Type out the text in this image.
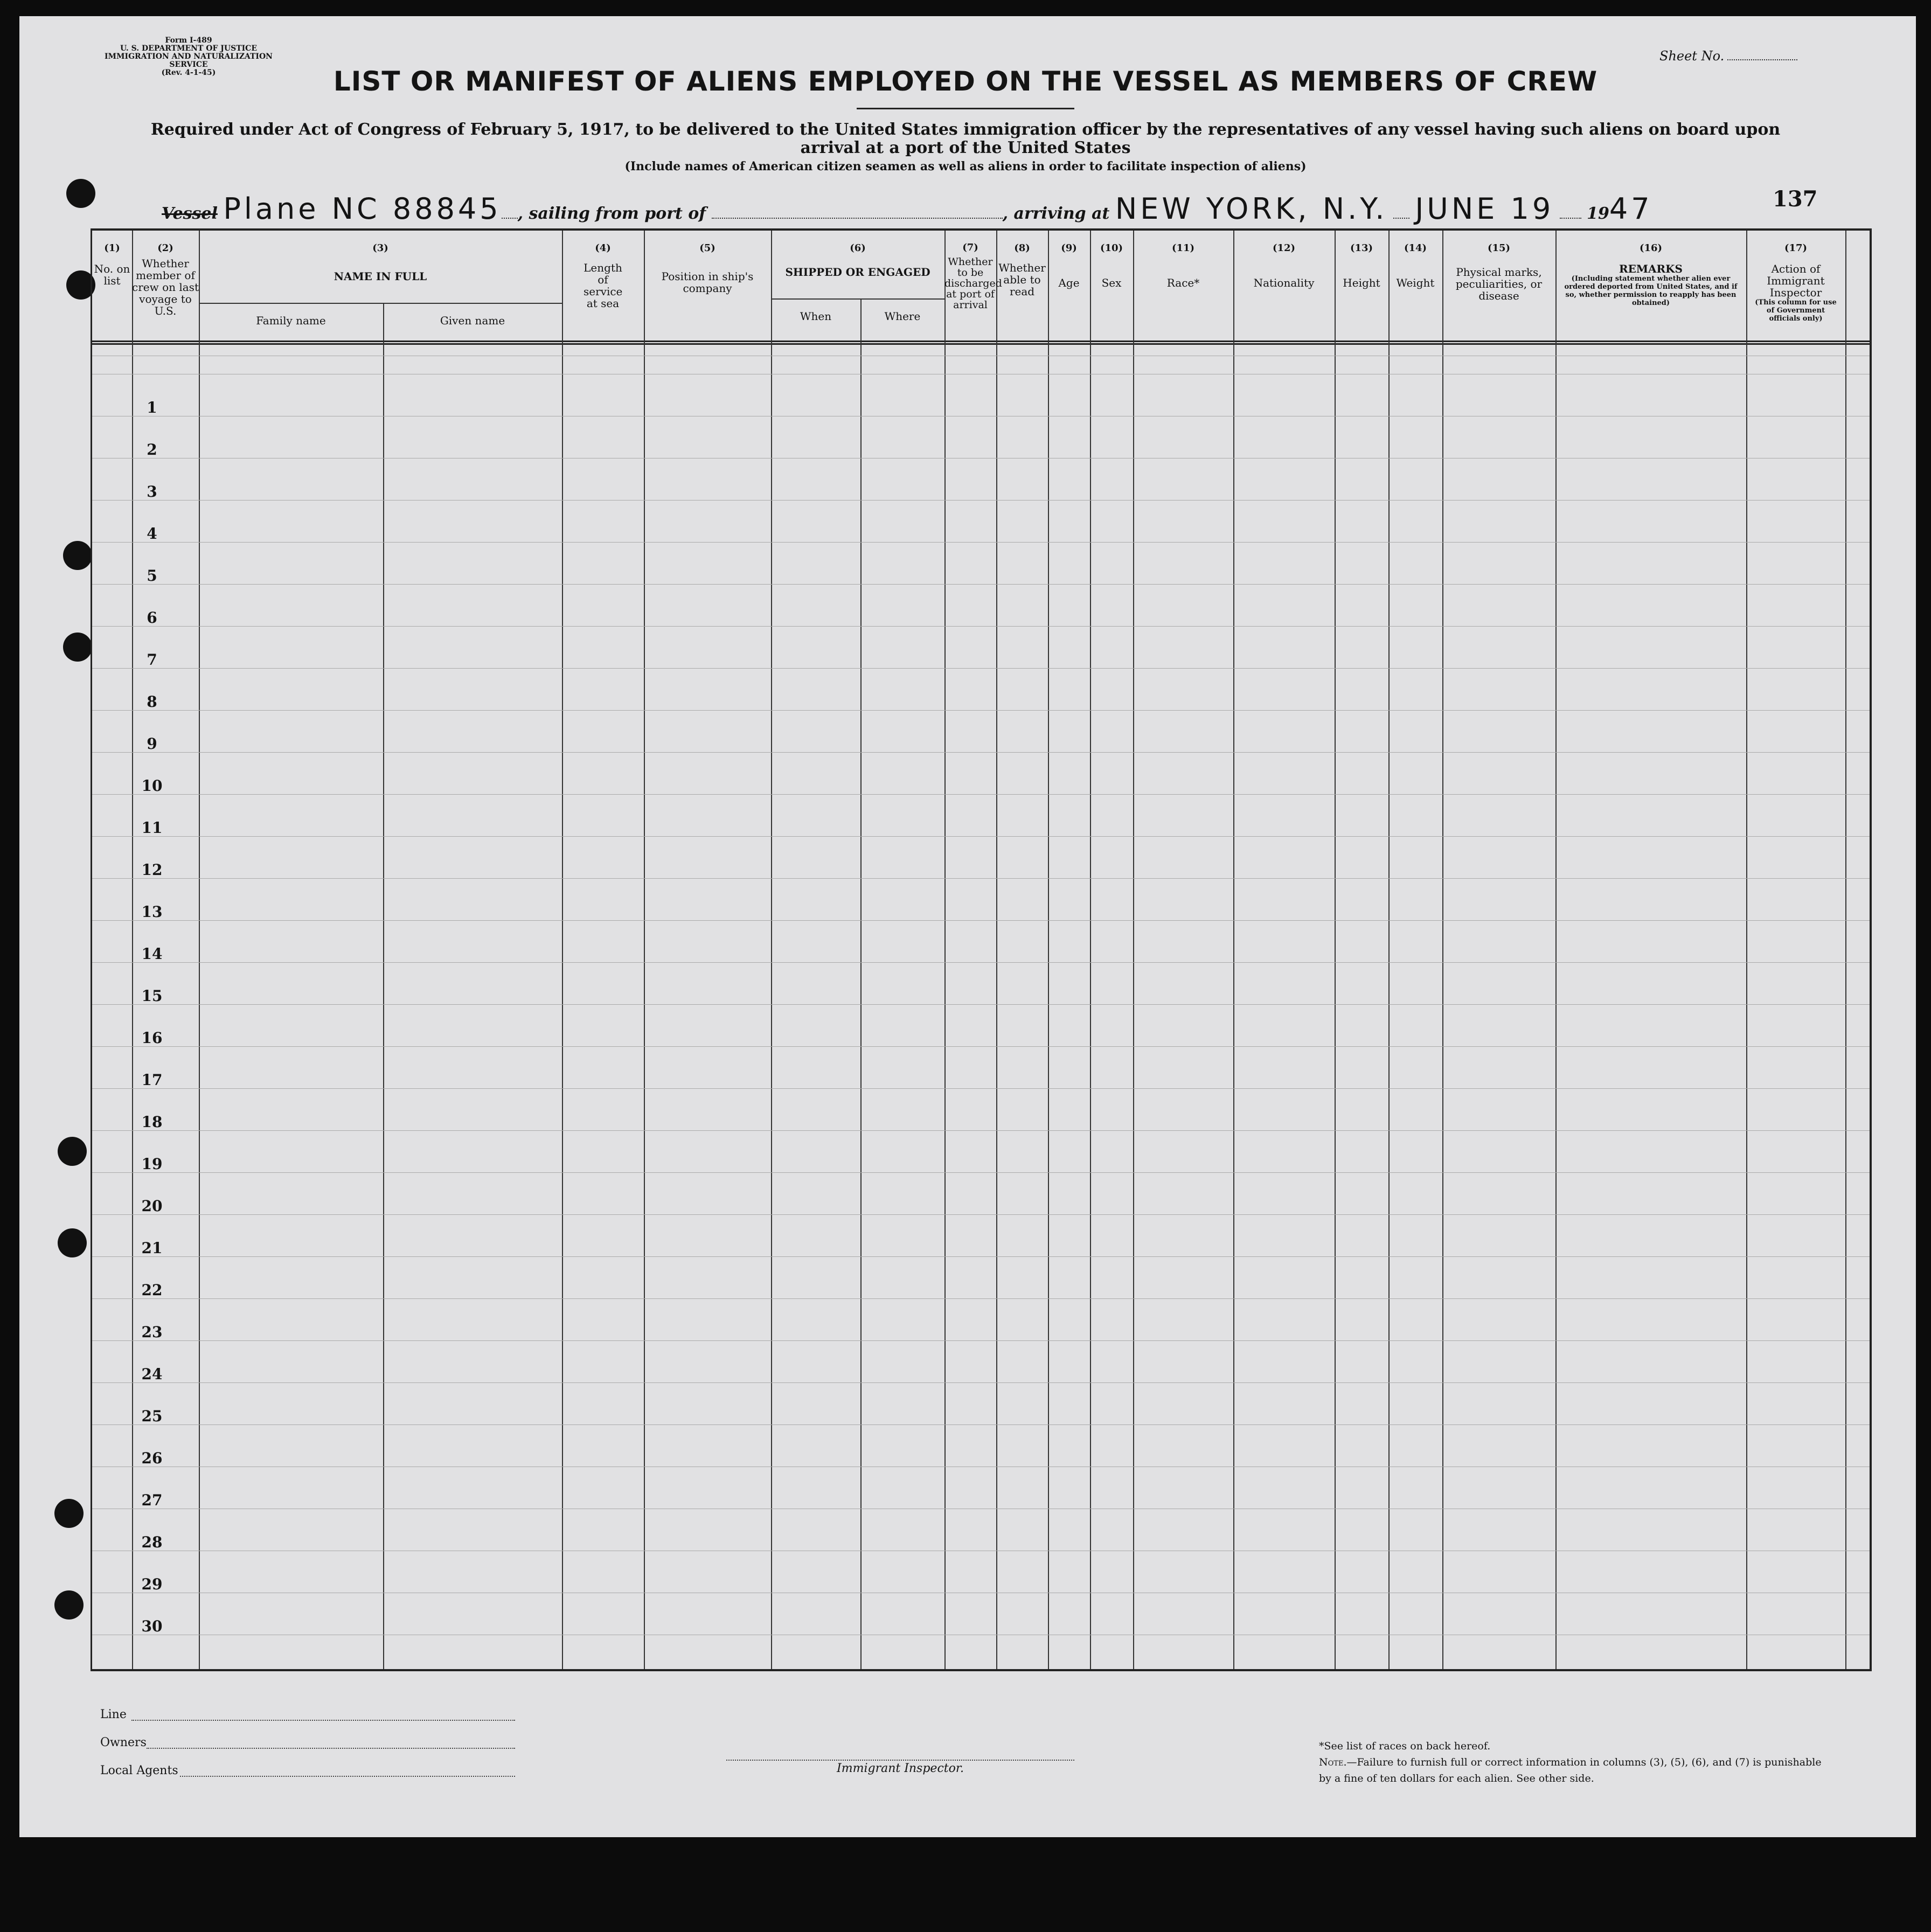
Form I-489
U. S. DEPARTMENT OF JUSTICE
IMMIGRATION AND NATURALIZATION SERVICE
(Rev. 4-1-45)
Sheet No.
LIST OR MANIFEST OF ALIENS EMPLOYED ON THE VESSEL AS MEMBERS OF CREW
Required under Act of Congress of February 5, 1917, to be delivered to the United States immigration officer by the representatives of any vessel having such aliens on board upon arrival at a port of the United States
(Include names of American citizen seamen as well as aliens in order to facilitate inspection of aliens)
Vessel Plane NC 88845 , sailing from port of	, arriving at NEW YORK, N.Y. JUNE 19 1947	137
(1)
No. on list
(2)
Whether member of crew on last voyage to U.S.
(3)
NAME IN FULL
Family name	Given name
(4)
Length of service at sea
(5)
Position in ship's company
(6)
SHIPPED OR ENGAGED
When	Where
(7)
Whether to be discharged at port of arrival
(8)
Whether able to read
(9)
Age
(10)
Sex
(11)
Race*
(12)
Nationality
(13)
Height
(14)
Weight
(15)
Physical marks, peculiarities, or disease
(16)
REMARKS
(Including statement whether alien ever ordered deported from United States, and if so, whether permission to reapply has been obtained)
(17)
Action of Immigrant Inspector
(This column for use of Government officials only)
1
2
3
4
5
6
7
8
9
10
11
12
13
14
15
16
17
18
19
20
21
22
23
24
25
26
27
28
29
30
Line
Owners
Local Agents	Immigrant Inspector.
*See list of races on back hereof.
Note.—Failure to furnish full or correct information in columns (3), (5), (6), and (7) is punishable by a fine of ten dollars for each alien. See other side.
